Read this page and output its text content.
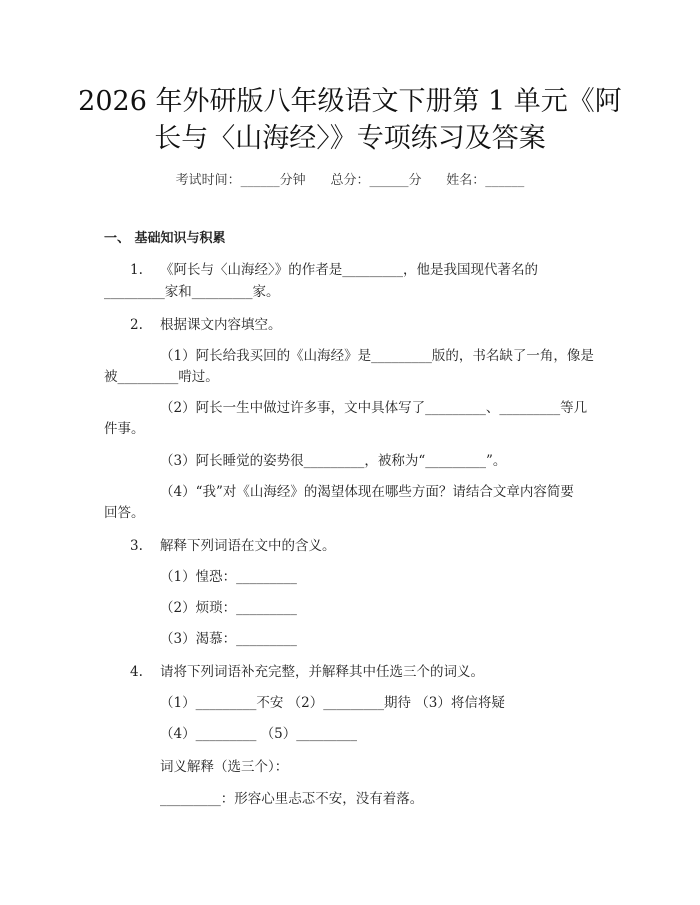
2026 年外研版八年级语文下册第 1 单元《阿
长与〈山海经〉》专项练习及答案
考试时间：______分钟 总分：______分 姓名：______
一、 基础知识与积累
1. 《阿长与〈山海经〉》的作者是_________，他是我国现代著名的
_________家和_________家。
2. 根据课文内容填空。
（1）阿长给我买回的《山海经》是_________版的，书名缺了一角，像是
被_________啃过。
（2）阿长一生中做过许多事，文中具体写了_________、_________等几
件事。
（3）阿长睡觉的姿势很_________，被称为“_________”。
（4）“我”对《山海经》的渴望体现在哪些方面？请结合文章内容简要
回答。
3. 解释下列词语在文中的含义。
（1）惶恐：_________
（2）烦琐：_________
（3）渴慕：_________
4. 请将下列词语补充完整，并解释其中任选三个的词义。
（1）_________不安 （2）_________期待 （3）将信将疑
（4）_________ （5）_________
词义解释（选三个）：
_________：形容心里忐忑不安，没有着落。
